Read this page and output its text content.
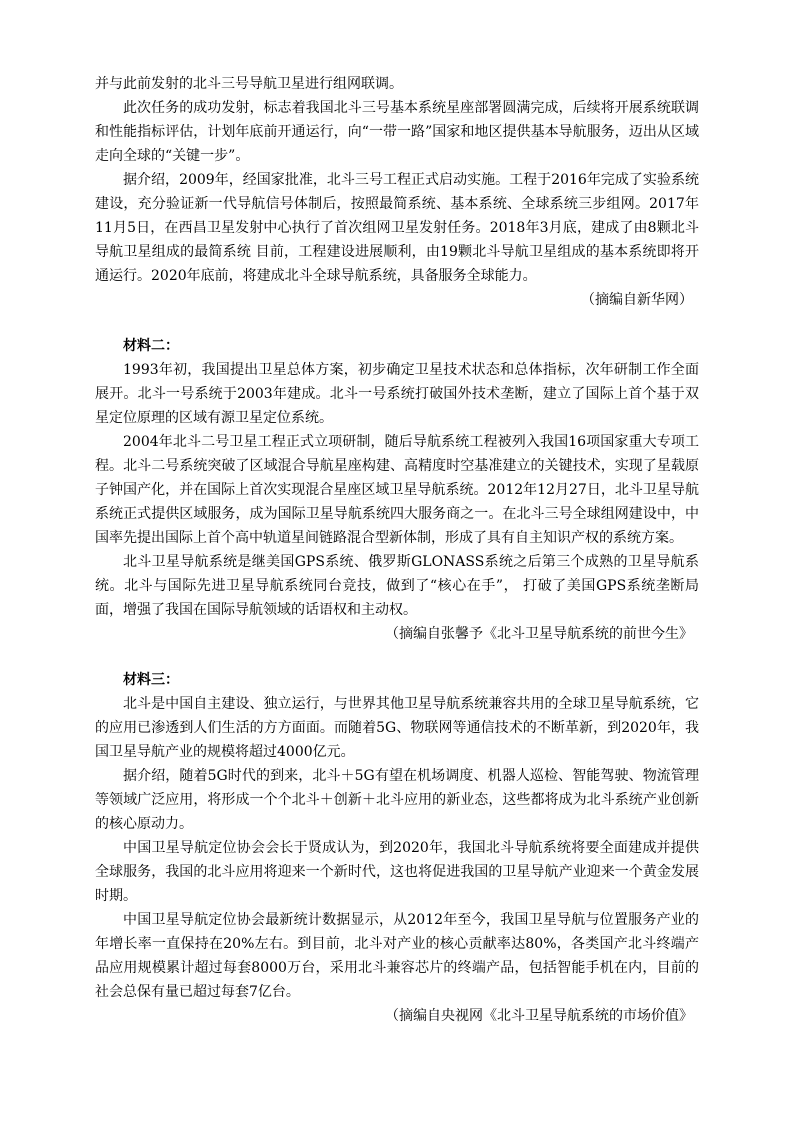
并与此前发射的北斗三号导航卫星进行组网联调。

此次任务的成功发射，标志着我国北斗三号基本系统星座部署圆满完成，后续将开展系统联调和性能指标评估，计划年底前开通运行，向“一带一路”国家和地区提供基本导航服务，迈出从区域走向全球的“关键一步”。

据介绍，2009年，经国家批准，北斗三号工程正式启动实施。工程于2016年完成了实验系统建设，充分验证新一代导航信号体制后，按照最简系统、基本系统、全球系统三步组网。2017年11月5日，在西昌卫星发射中心执行了首次组网卫星发射任务。2018年3月底，建成了由8颗北斗导航卫星组成的最简系统 目前，工程建设进展顺利，由19颗北斗导航卫星组成的基本系统即将开通运行。2020年底前，将建成北斗全球导航系统，具备服务全球能力。

（摘编自新华网）

材料二：

1993年初，我国提出卫星总体方案，初步确定卫星技术状态和总体指标，次年研制工作全面展开。北斗一号系统于2003年建成。北斗一号系统打破国外技术垄断，建立了国际上首个基于双星定位原理的区域有源卫星定位系统。

2004年北斗二号卫星工程正式立项研制，随后导航系统工程被列入我国16项国家重大专项工程。北斗二号系统突破了区域混合导航星座构建、高精度时空基准建立的关键技术，实现了星载原子钟国产化，并在国际上首次实现混合星座区域卫星导航系统。2012年12月27日，北斗卫星导航系统正式提供区域服务，成为国际卫星导航系统四大服务商之一。在北斗三号全球组网建设中，中国率先提出国际上首个高中轨道星间链路混合型新体制，形成了具有自主知识产权的系统方案。

北斗卫星导航系统是继美国GPS系统、俄罗斯GLONASS系统之后第三个成熟的卫星导航系统。北斗与国际先进卫星导航系统同台竞技，做到了“核心在手”， 打破了美国GPS系统垄断局面，增强了我国在国际导航领域的话语权和主动权。

（摘编自张馨予《北斗卫星导航系统的前世今生》

材料三：

北斗是中国自主建设、独立运行，与世界其他卫星导航系统兼容共用的全球卫星导航系统，它的应用已渗透到人们生活的方方面面。而随着5G、物联网等通信技术的不断革新，到2020年，我国卫星导航产业的规模将超过4000亿元。

据介绍，随着5G时代的到来，北斗＋5G有望在机场调度、机器人巡检、智能驾驶、物流管理等领域广泛应用，将形成一个个北斗＋创新＋北斗应用的新业态，这些都将成为北斗系统产业创新的核心原动力。

中国卫星导航定位协会会长于贤成认为，到2020年，我国北斗导航系统将要全面建成并提供全球服务，我国的北斗应用将迎来一个新时代，这也将促进我国的卫星导航产业迎来一个黄金发展时期。

中国卫星导航定位协会最新统计数据显示，从2012年至今，我国卫星导航与位置服务产业的年增长率一直保持在20%左右。到目前，北斗对产业的核心贡献率达80%，各类国产北斗终端产品应用规模累计超过每套8000万台，采用北斗兼容芯片的终端产品，包括智能手机在内，目前的社会总保有量已超过每套7亿台。

（摘编自央视网《北斗卫星导航系统的市场价值》
